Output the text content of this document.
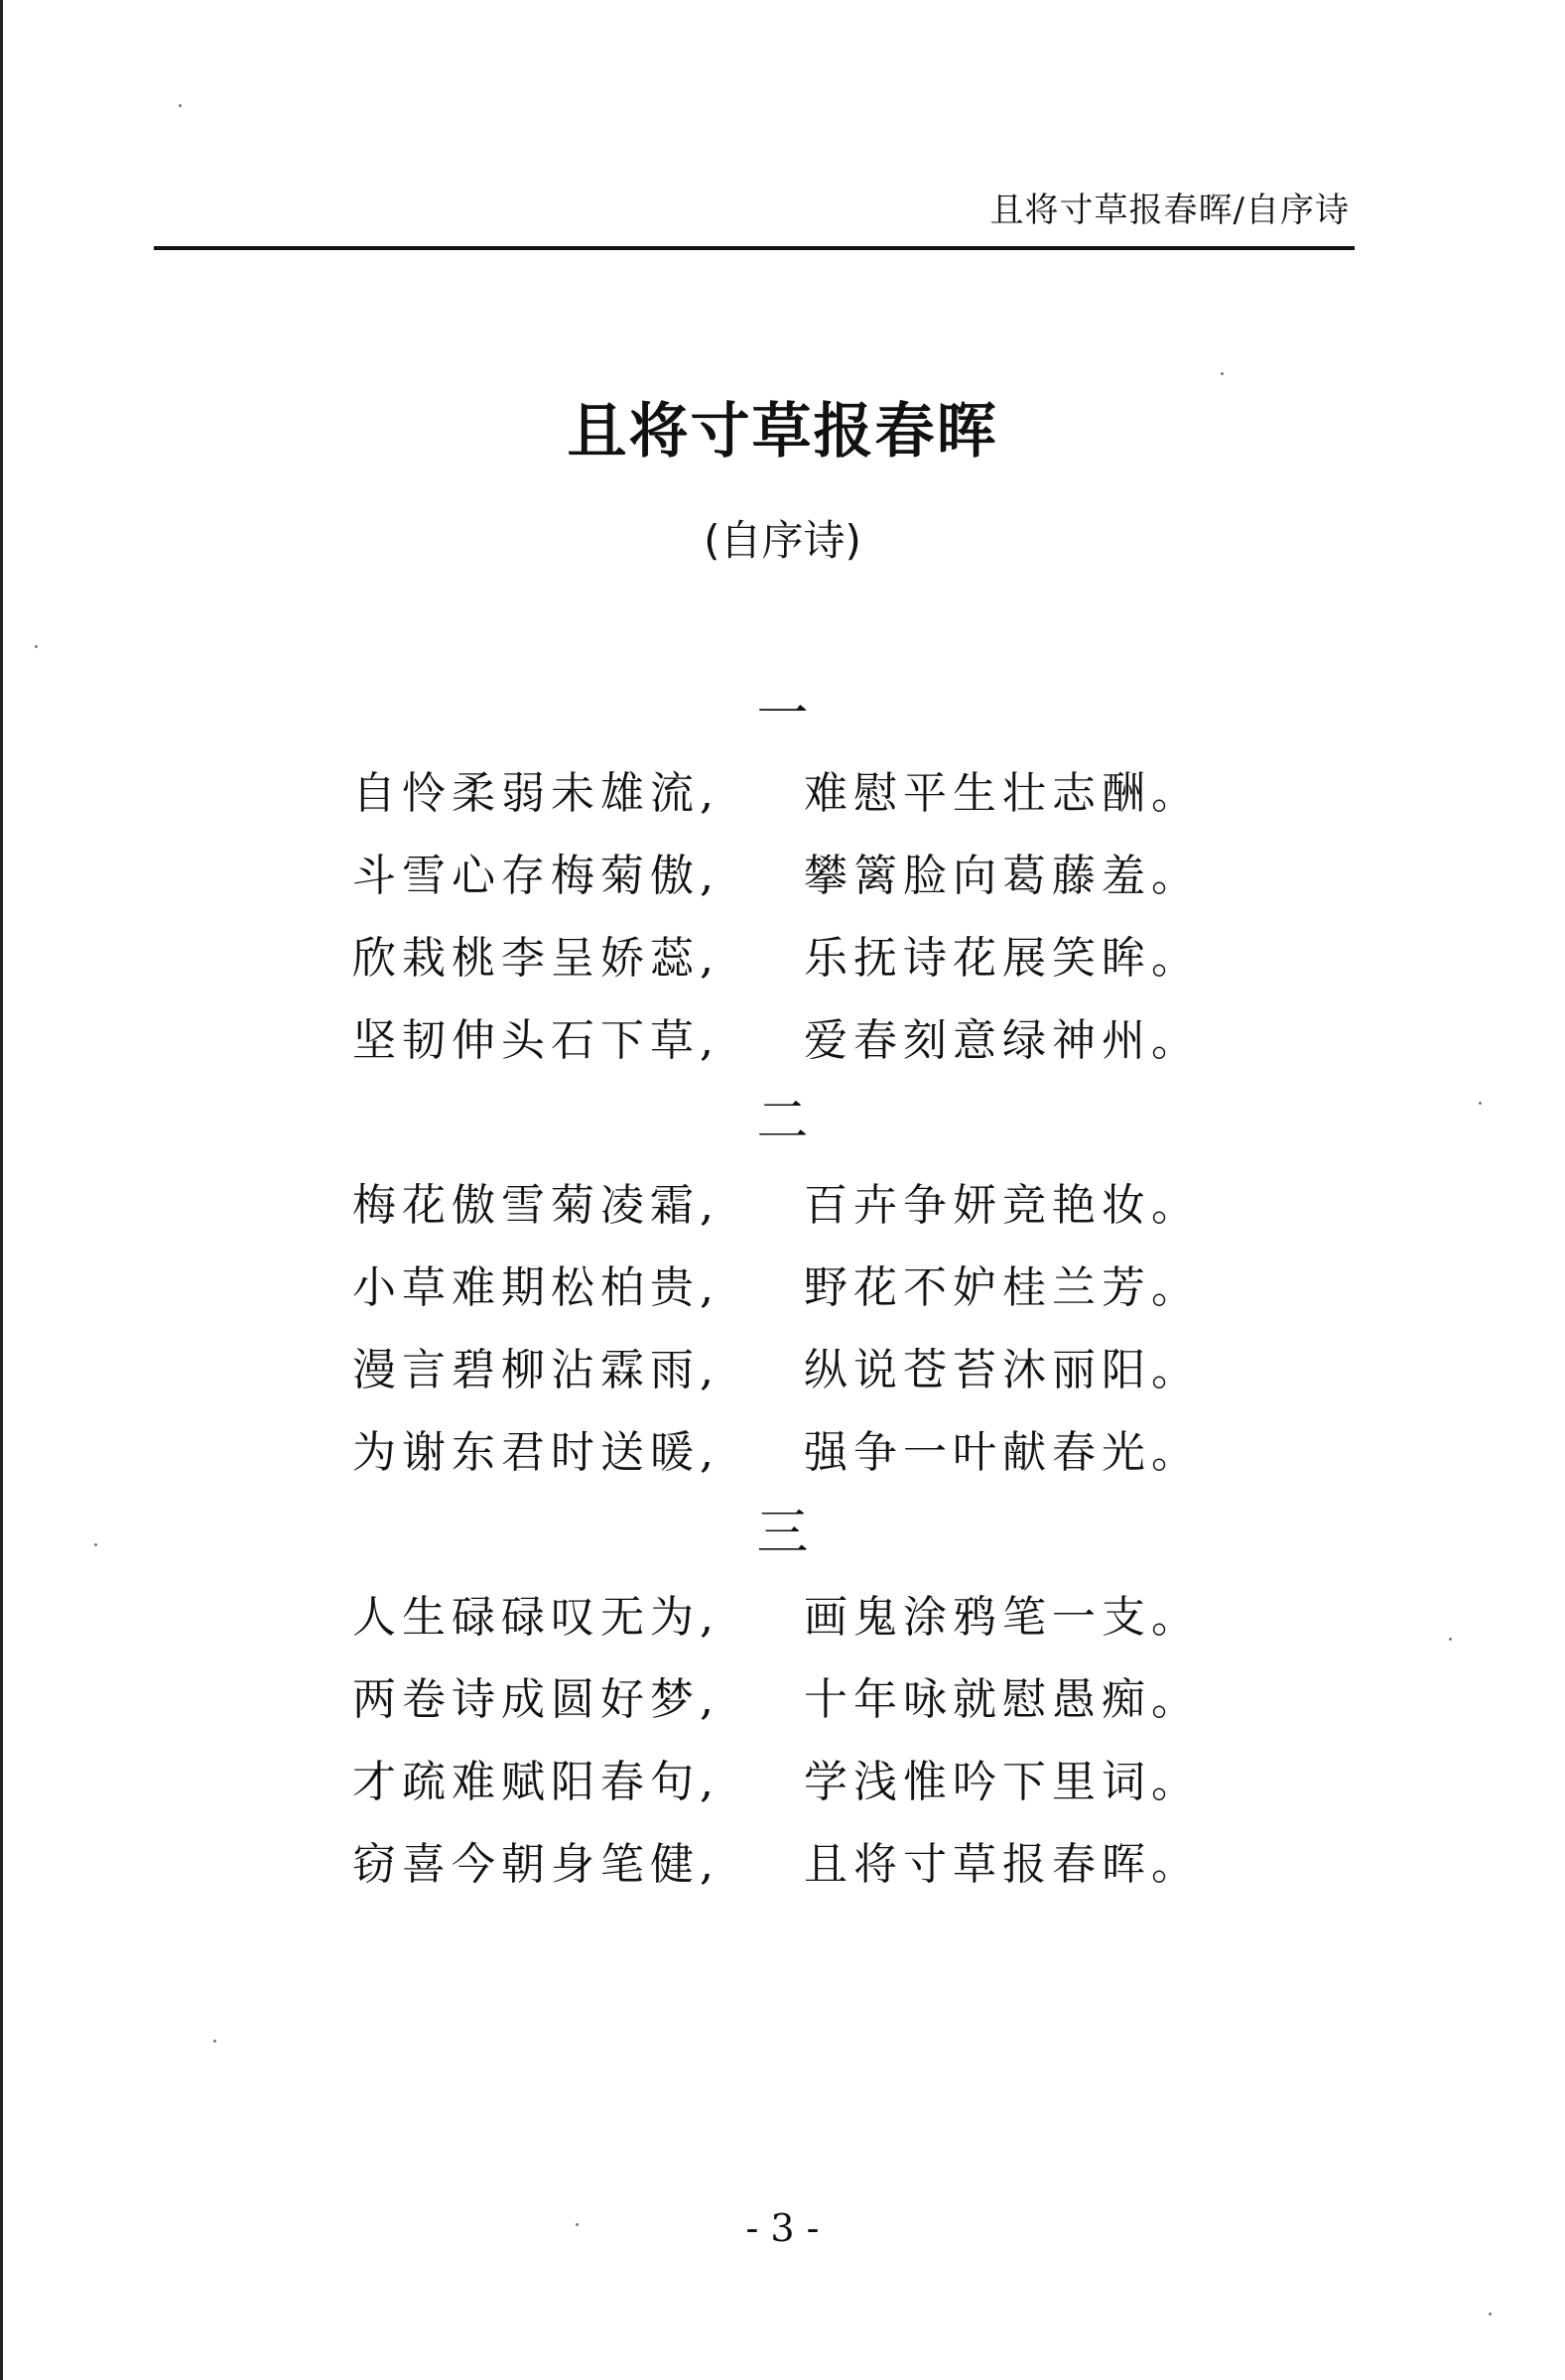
且将寸草报春晖/自序诗
且将寸草报春晖
(自序诗)
一
自怜柔弱未雄流, 难慰平生壮志酬。
斗雪心存梅菊傲, 攀篱脸向葛藤羞。
欣栽桃李呈娇蕊, 乐抚诗花展笑眸。
坚韧伸头石下草, 爱春刻意绿神州。
二
梅花傲雪菊凌霜, 百卉争妍竞艳妆。
小草难期松柏贵, 野花不妒桂兰芳。
漫言碧柳沾霖雨, 纵说苍苔沐丽阳。
为谢东君时送暖, 强争一叶献春光。
三
人生碌碌叹无为, 画鬼涂鸦笔一支。
两卷诗成圆好梦, 十年咏就慰愚痴。
才疏难赋阳春句, 学浅惟吟下里词。
窃喜今朝身笔健, 且将寸草报春晖。
- 3 -
